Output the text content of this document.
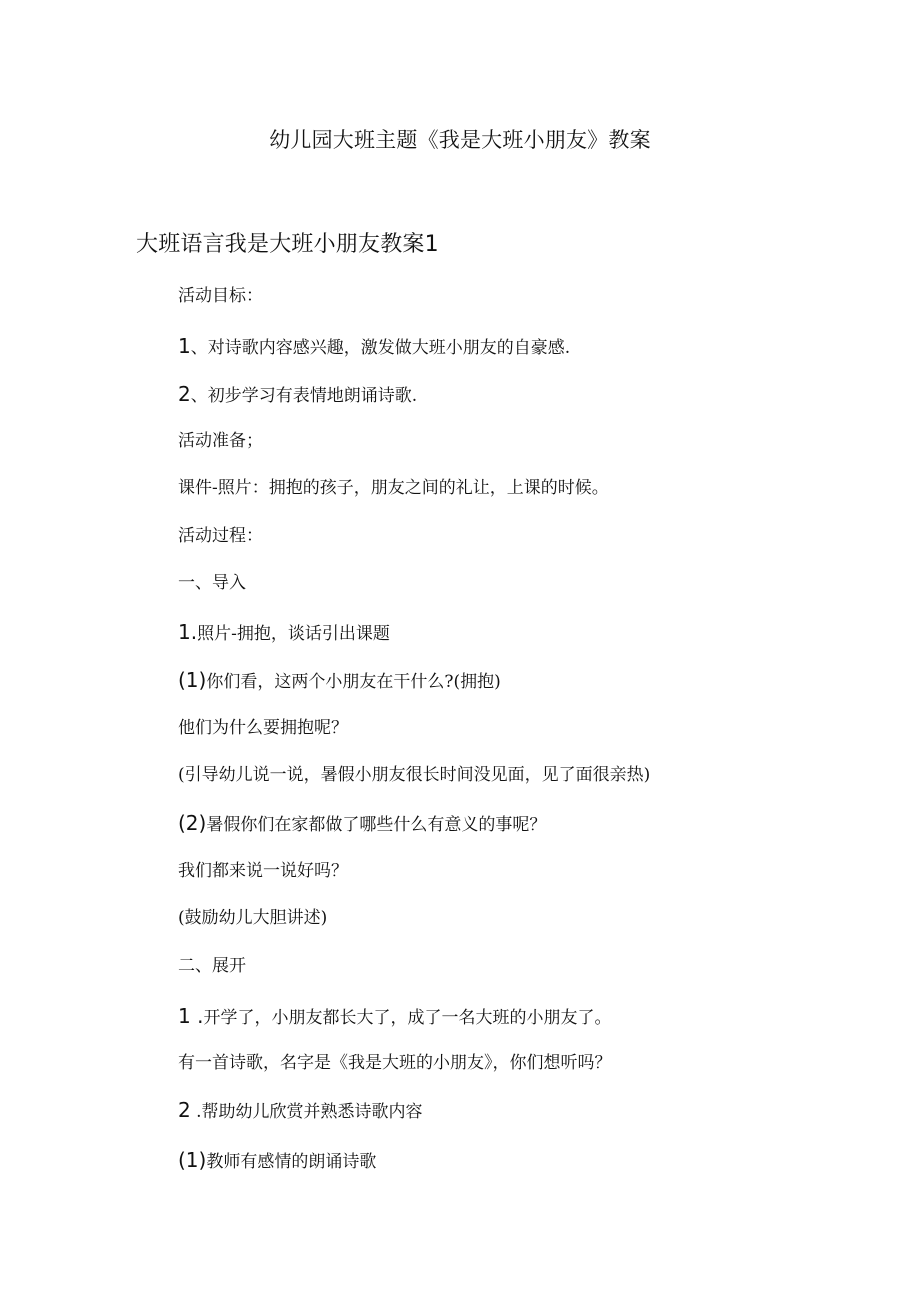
幼儿园大班主题《我是大班小朋友》教案
大班语言我是大班小朋友教案1

活动目标：

1、对诗歌内容感兴趣，激发做大班小朋友的自豪感.

2、初步学习有表情地朗诵诗歌.

活动准备；

课件-照片：拥抱的孩子，朋友之间的礼让，上课的时候。

活动过程：

一、导入

1.照片-拥抱，谈话引出课题

(1)你们看，这两个小朋友在干什么?(拥抱)

他们为什么要拥抱呢？

(引导幼儿说一说，暑假小朋友很长时间没见面，见了面很亲热)

(2)暑假你们在家都做了哪些什么有意义的事呢？

我们都来说一说好吗？

(鼓励幼儿大胆讲述)

二、展开

1 .开学了，小朋友都长大了，成了一名大班的小朋友了。

有一首诗歌，名字是《我是大班的小朋友》，你们想听吗？

2 .帮助幼儿欣赏并熟悉诗歌内容

(1)教师有感情的朗诵诗歌
